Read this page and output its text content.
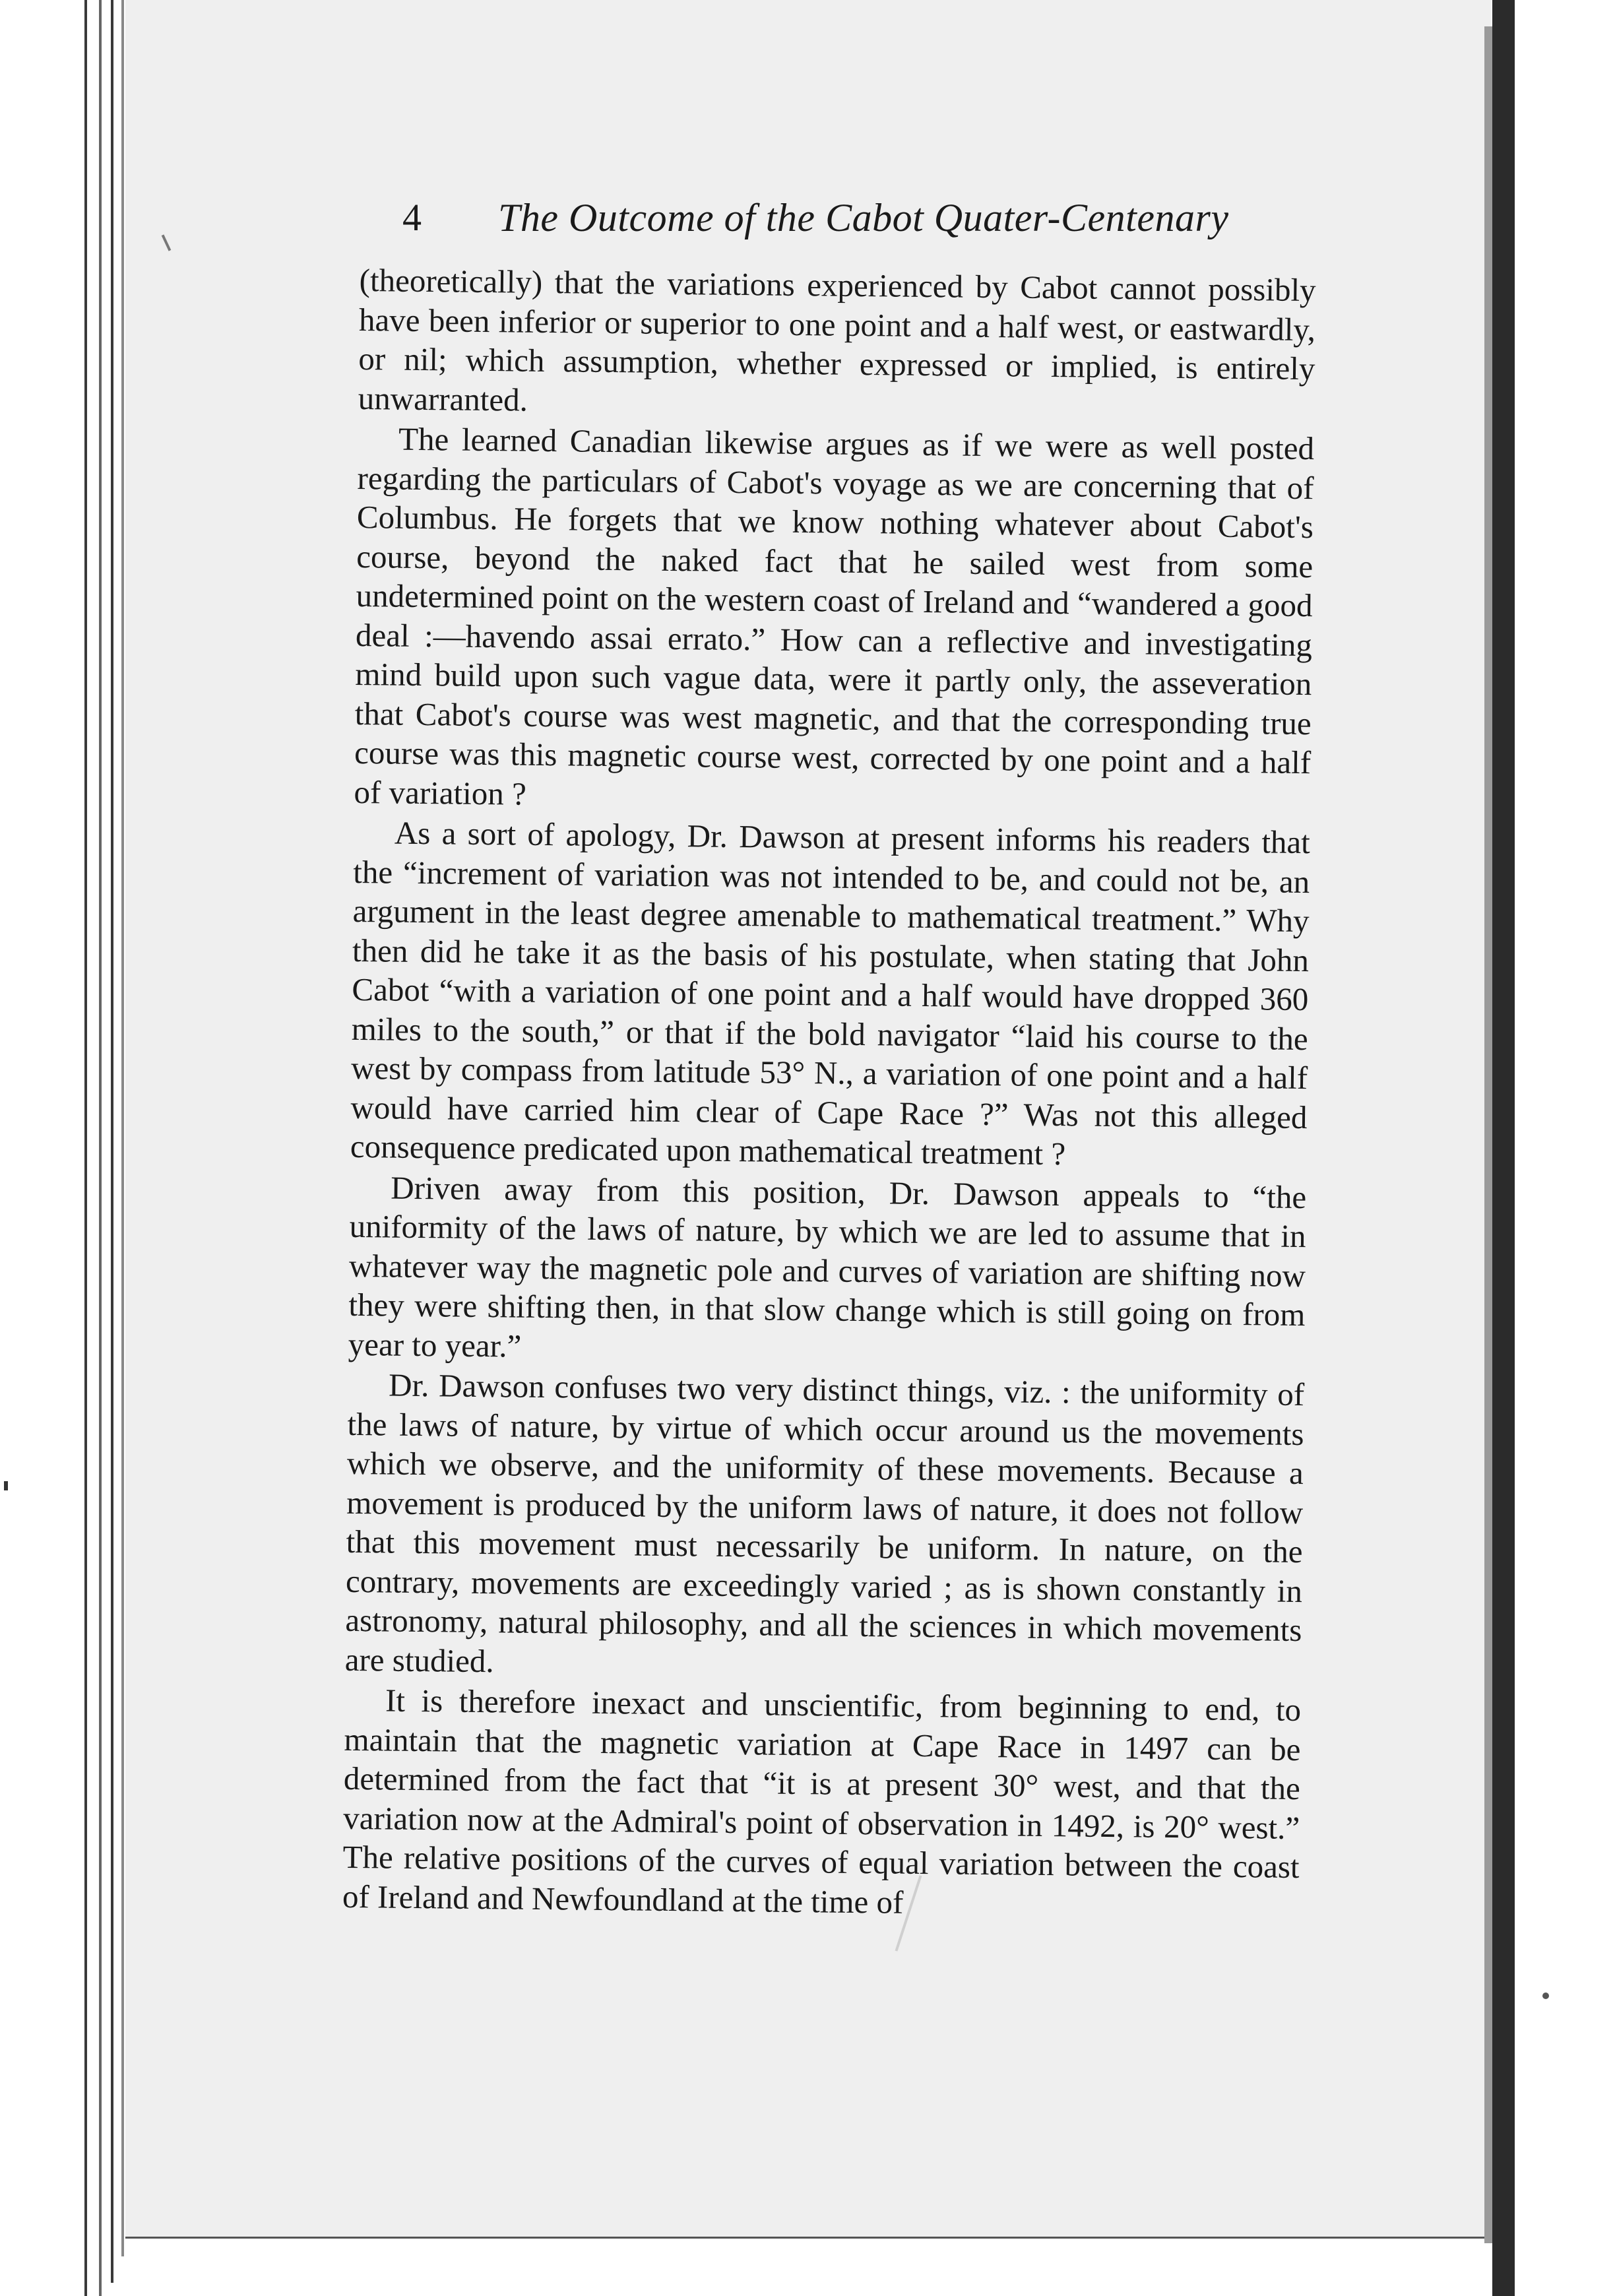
4 The Outcome of the Cabot Quater-Centenary

(theoretically) that the variations experienced by Cabot cannot possibly have been inferior or superior to one point and a half west, or eastwardly, or nil; which assumption, whether expressed or implied, is entirely unwarranted.

The learned Canadian likewise argues as if we were as well posted regarding the particulars of Cabot's voyage as we are concerning that of Columbus. He forgets that we know nothing whatever about Cabot's course, beyond the naked fact that he sailed west from some undetermined point on the western coast of Ireland and “wandered a good deal :—havendo assai errato.” How can a reflective and investigating mind build upon such vague data, were it partly only, the asseveration that Cabot's course was west magnetic, and that the corresponding true course was this magnetic course west, corrected by one point and a half of variation ?

As a sort of apology, Dr. Dawson at present informs his readers that the “increment of variation was not intended to be, and could not be, an argument in the least degree amenable to mathematical treatment.” Why then did he take it as the basis of his postulate, when stating that John Cabot “with a variation of one point and a half would have dropped 360 miles to the south,” or that if the bold navigator “laid his course to the west by compass from latitude 53° N., a variation of one point and a half would have carried him clear of Cape Race ?” Was not this alleged consequence predicated upon mathematical treatment ?

Driven away from this position, Dr. Dawson appeals to “the uniformity of the laws of nature, by which we are led to assume that in whatever way the magnetic pole and curves of variation are shifting now they were shifting then, in that slow change which is still going on from year to year.”

Dr. Dawson confuses two very distinct things, viz. : the uniformity of the laws of nature, by virtue of which occur around us the movements which we observe, and the uniformity of these movements. Because a movement is produced by the uniform laws of nature, it does not follow that this movement must necessarily be uniform. In nature, on the contrary, movements are exceedingly varied ; as is shown constantly in astronomy, natural philosophy, and all the sciences in which movements are studied.

It is therefore inexact and unscientific, from beginning to end, to maintain that the magnetic variation at Cape Race in 1497 can be determined from the fact that “it is at present 30° west, and that the variation now at the Admiral's point of observation in 1492, is 20° west.” The relative positions of the curves of equal variation between the coast of Ireland and Newfoundland at the time of
